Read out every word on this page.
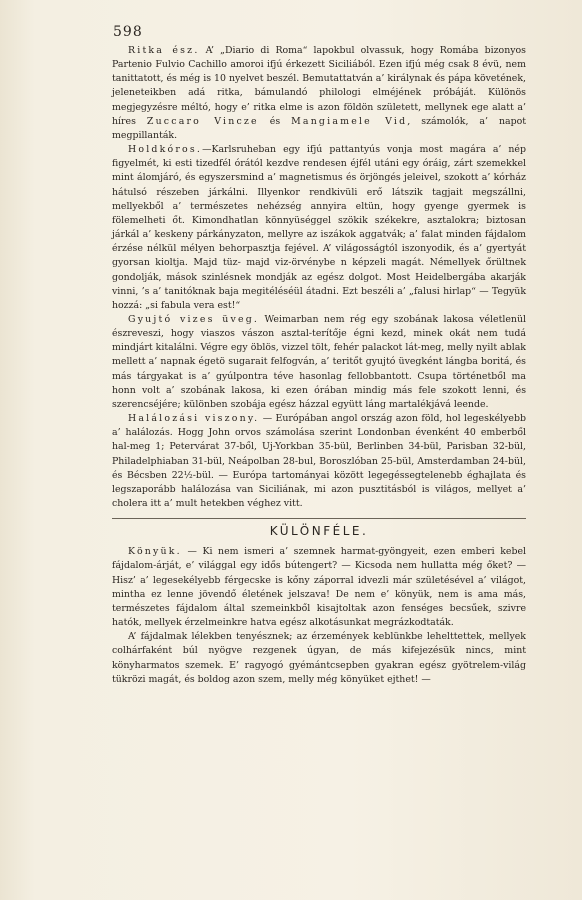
598

Ritka ész. A’ „Diario di Roma“ lapokbul olvassuk, hogy Romába bizonyos Partenio Fulvio Cachillo amoroi ifjú érkezett Siciliából. Ezen ifjú még csak 8 évü, nem tanittatott, és még is 10 nyelvet beszél. Bemutattatván a’ királynak és pápa követének, jeleneteikben adá ritka, bámulandó philologi elméjének próbáját. Különös megjegyzésre méltó, hogy e’ ritka elme is azon földön született, mellynek ege alatt a’ híres Zuccaro Vincze és Mangiamele Vid, számolók, a’ napot megpillanták.

Holdkóros.—Karlsruheban egy ifjú pattantyús vonja most magára a’ nép figyelmét, ki esti tizedfél órától kezdve rendesen éjfél utáni egy óráig, zárt szemekkel mint álomjáró, és egyszersmind a’ magnetismus és örjöngés jeleivel, szokott a’ kórház hátulsó részeben járkálni. Illyenkor rendkivüli erő látszik tagjait megszállni, mellyekből a’ természetes nehézség annyira eltün, hogy gyenge gyermek is fölemelheti őt. Kimondhatlan könnyüséggel szökik székekre, asztalokra; biztosan járkál a’ keskeny párkányzaton, mellyre az iszákok aggatvák; a’ falat minden fájdalom érzése nélkül mélyen behorpasztja fejével. A’ világosságtól iszonyodik, és a’ gyertyát gyorsan kioltja. Majd tüz- majd viz-örvénybe n képzeli magát. Némellyek őrültnek gondolják, mások szinlésnek mondják az egész dolgot. Most Heidelbergába akarják vinni, ’s a’ tanitóknak baja megitéléséül átadni. Ezt beszéli a’ „falusi hirlap“ — Tegyük hozzá: „si fabula vera est!“

Gyujtó vizes üveg. Weimarban nem rég egy szobának lakosa véletlenül észreveszi, hogy viaszos vászon asztal-terítője égni kezd, minek okát nem tudá mindjárt kitalálni. Végre egy öblös, vizzel tölt, fehér palackot lát-meg, melly nyilt ablak mellett a’ napnak égetö sugarait felfogván, a’ teritőt gyujtó üvegként lángba boritá, és más tárgyakat is a’ gyúlpontra téve hasonlag fellobbantott. Csupa történetből ma honn volt a’ szobának lakosa, ki ezen órában mindig más fele szokott lenni, és szerencséjére; különben szobája egész házzal együtt láng martalékjává leende.

Halálozási viszony. — Európában angol ország azon föld, hol legeskélyebb a’ halálozás. Hogg John orvos számolása szerint Londonban évenként 40 emberből hal-meg 1; Petervárat 37-ből, Uj-Yorkban 35-bül, Berlinben 34-bül, Parisban 32-bül, Philadelphiaban 31-bül, Neápolban 28-bul, Boroszlóban 25-bül, Amsterdamban 24-bül, és Bécsben 22½-bül. — Európa tartományai között legegéssegtelenebb éghajlata és legszaporább halálozása van Siciliának, mi azon pusztitásból is világos, mellyet a’ cholera itt a’ mult hetekben véghez vitt.

KÜLÖNFÉLE.

Könyük. — Ki nem ismeri a’ szemnek harmat-gyöngyeit, ezen emberi kebel fájdalom-árját, e’ világgal egy idős bútengert? — Kicsoda nem hullatta még őket? — Hisz’ a’ legesekélyebb férgecske is kőny záporral idvezli már születésével a’ világot, mintha ez lenne jövendő életének jelszava! De nem e’ könyük, nem is ama más, természetes fájdalom által szemeinkből kisajtoltak azon fenséges becsűek, szivre hatók, mellyek érzelmeinkre hatva egész alkotásunkat megrázkodtaták.

A’ fájdalmak lélekben tenyésznek; az érzemények keblünkbe lehelttettek, mellyek colhárfaként búl nyögve rezgenek úgyan, de más kifejezésük nincs, mint könyharmatos szemek. E’ ragyogó gyémántcsepben gyakran egész gyötrelem-világ tükrözi magát, és boldog azon szem, melly még könyüket ejthet! —
